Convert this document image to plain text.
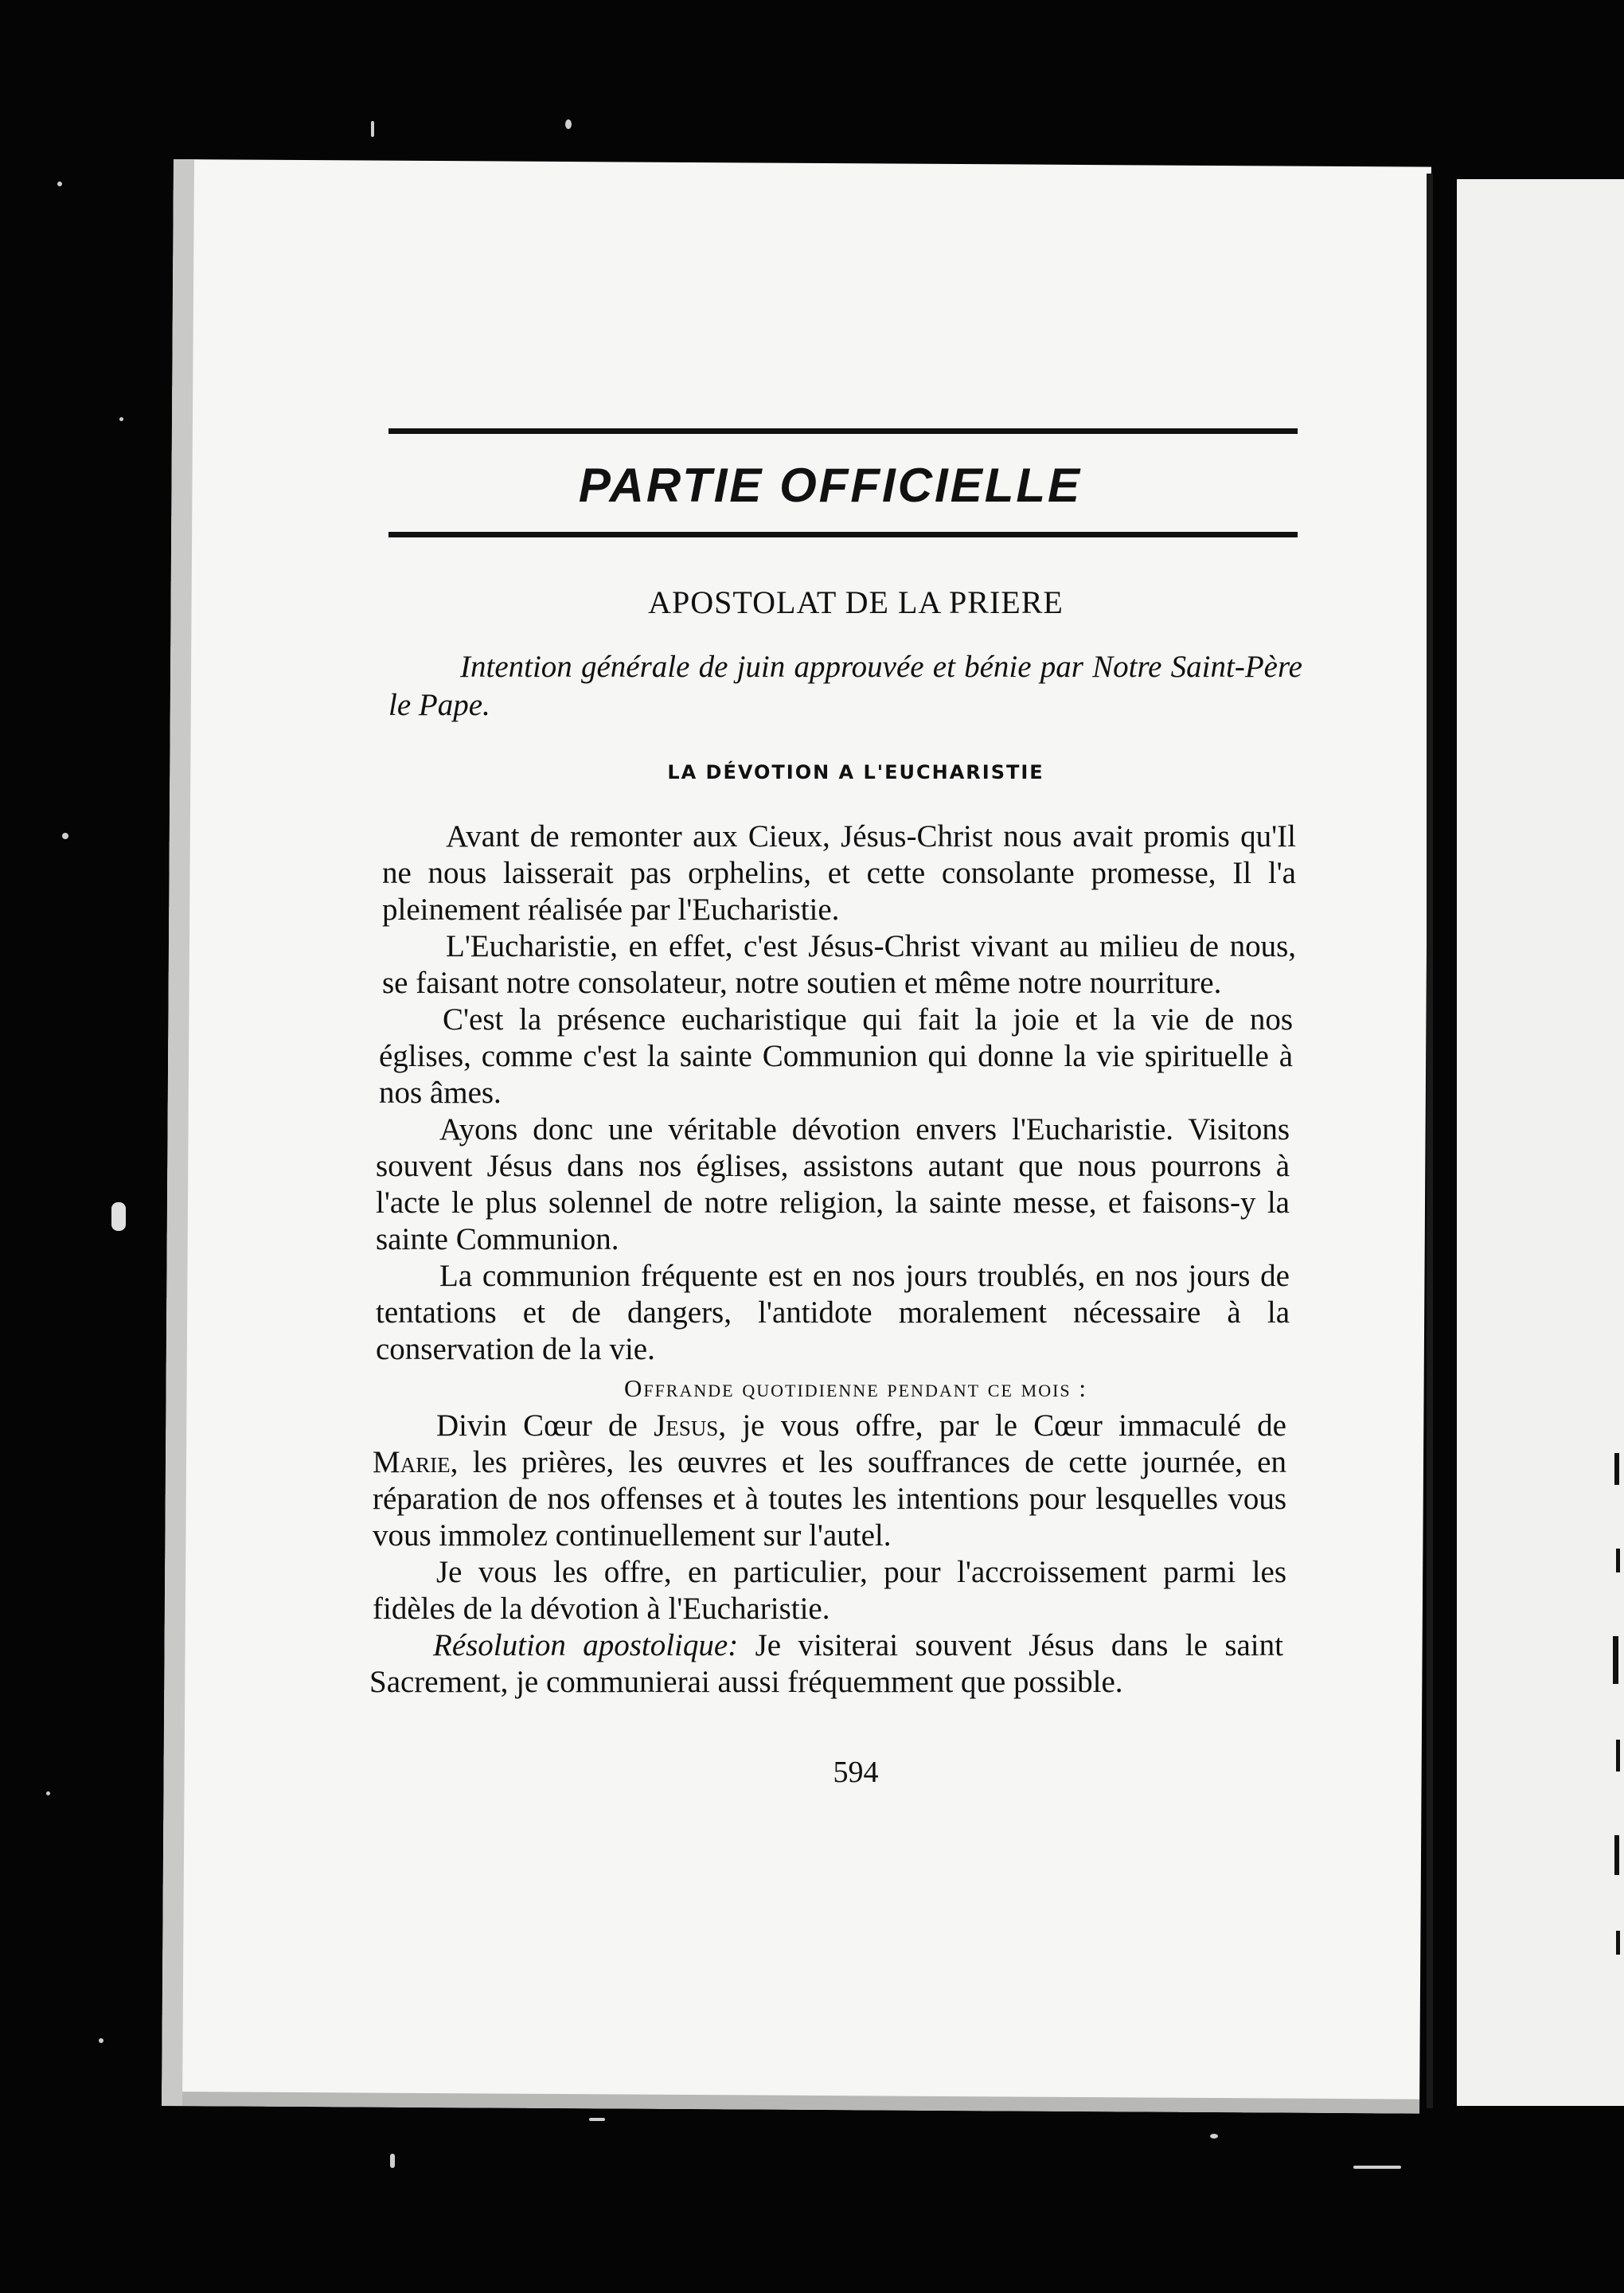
PARTIE OFFICIELLE
APOSTOLAT DE LA PRIERE

Intention générale de juin approuvée et bénie par Notre Saint-Père le Pape.

LA DÉVOTION A L'EUCHARISTIE

Avant de remonter aux Cieux, Jésus-Christ nous avait promis qu'Il ne nous laisserait pas orphelins, et cette consolante promesse, Il l'a pleinement réalisée par l'Eucharistie.

L'Eucharistie, en effet, c'est Jésus-Christ vivant au milieu de nous, se faisant notre consolateur, notre soutien et même notre nourriture.

C'est la présence eucharistique qui fait la joie et la vie de nos églises, comme c'est la sainte Communion qui donne la vie spirituelle à nos âmes.

Ayons donc une véritable dévotion envers l'Eucharistie. Visitons souvent Jésus dans nos églises, assistons autant que nous pourrons à l'acte le plus solennel de notre religion, la sainte messe, et faisons-y la sainte Communion.

La communion fréquente est en nos jours troublés, en nos jours de tentations et de dangers, l'antidote moralement nécessaire à la conservation de la vie.

Offrande quotidienne pendant ce mois :

Divin Cœur de Jesus, je vous offre, par le Cœur immaculé de Marie, les prières, les œuvres et les souffrances de cette journée, en réparation de nos offenses et à toutes les intentions pour lesquelles vous vous immolez continuellement sur l'autel.

Je vous les offre, en particulier, pour l'accroissement parmi les fidèles de la dévotion à l'Eucharistie.

Résolution apostolique: Je visiterai souvent Jésus dans le saint Sacrement, je communierai aussi fréquemment que possible.

594
